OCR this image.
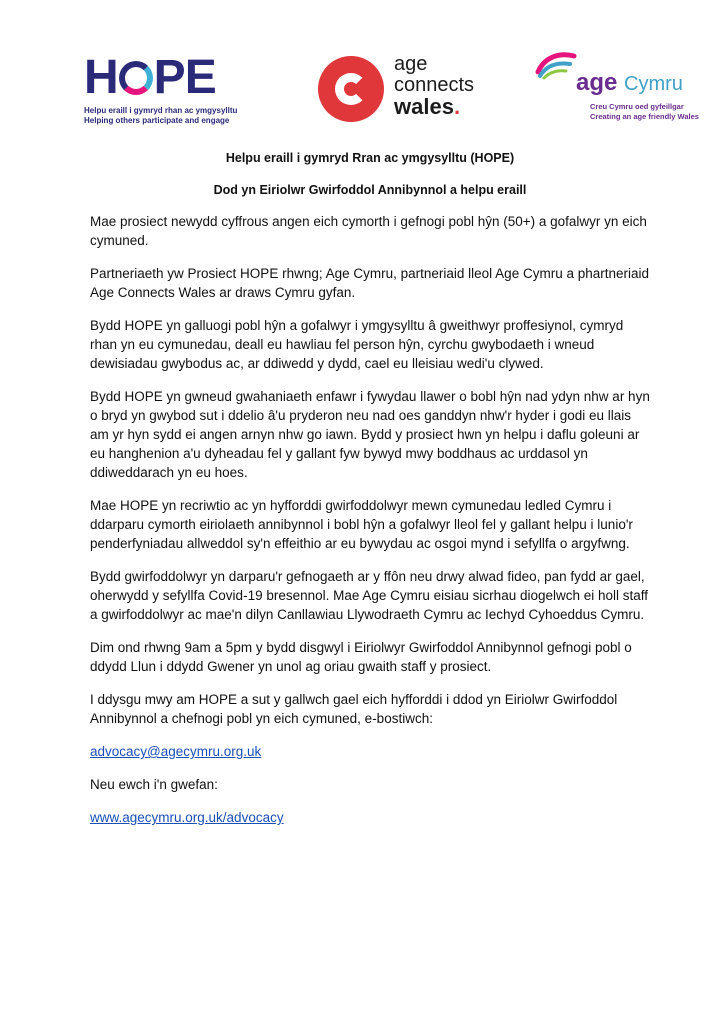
H PE
Helpu eraill i gymryd rhan ac ymgysylltu
Helping others participate and engage
age
connects
wales.
age Cymru
Creu Cymru oed gyfeillgar
Creating an age friendly Wales
Helpu eraill i gymryd Rran ac ymgysylltu (HOPE)
Dod yn Eiriolwr Gwirfoddol Annibynnol a helpu eraill

Mae prosiect newydd cyffrous angen eich cymorth i gefnogi pobl hŷn (50+) a gofalwyr yn eich cymuned.

Partneriaeth yw Prosiect HOPE rhwng; Age Cymru, partneriaid lleol Age Cymru a phartneriaid Age Connects Wales ar draws Cymru gyfan.

Bydd HOPE yn galluogi pobl hŷn a gofalwyr i ymgysylltu â gweithwyr proffesiynol, cymryd rhan yn eu cymunedau, deall eu hawliau fel person hŷn, cyrchu gwybodaeth i wneud dewisiadau gwybodus ac, ar ddiwedd y dydd, cael eu lleisiau wedi'u clywed.

Bydd HOPE yn gwneud gwahaniaeth enfawr i fywydau llawer o bobl hŷn nad ydyn nhw ar hyn o bryd yn gwybod sut i ddelio â'u pryderon neu nad oes ganddyn nhw'r hyder i godi eu llais am yr hyn sydd ei angen arnyn nhw go iawn. Bydd y prosiect hwn yn helpu i daflu goleuni ar eu hanghenion a'u dyheadau fel y gallant fyw bywyd mwy boddhaus ac urddasol yn ddiweddarach yn eu hoes.

Mae HOPE yn recriwtio ac yn hyfforddi gwirfoddolwyr mewn cymunedau ledled Cymru i ddarparu cymorth eiriolaeth annibynnol i bobl hŷn a gofalwyr lleol fel y gallant helpu i lunio'r penderfyniadau allweddol sy'n effeithio ar eu bywydau ac osgoi mynd i sefyllfa o argyfwng.

Bydd gwirfoddolwyr yn darparu'r gefnogaeth ar y ffôn neu drwy alwad fideo, pan fydd ar gael, oherwydd y sefyllfa Covid-19 bresennol. Mae Age Cymru eisiau sicrhau diogelwch ei holl staff a gwirfoddolwyr ac mae'n dilyn Canllawiau Llywodraeth Cymru ac Iechyd Cyhoeddus Cymru.

Dim ond rhwng 9am a 5pm y bydd disgwyl i Eiriolwyr Gwirfoddol Annibynnol gefnogi pobl o ddydd Llun i ddydd Gwener yn unol ag oriau gwaith staff y prosiect.

I ddysgu mwy am HOPE a sut y gallwch gael eich hyfforddi i ddod yn Eiriolwr Gwirfoddol Annibynnol a chefnogi pobl yn eich cymuned, e-bostiwch:

advocacy@agecymru.org.uk

Neu ewch i'n gwefan:

www.agecymru.org.uk/advocacy
